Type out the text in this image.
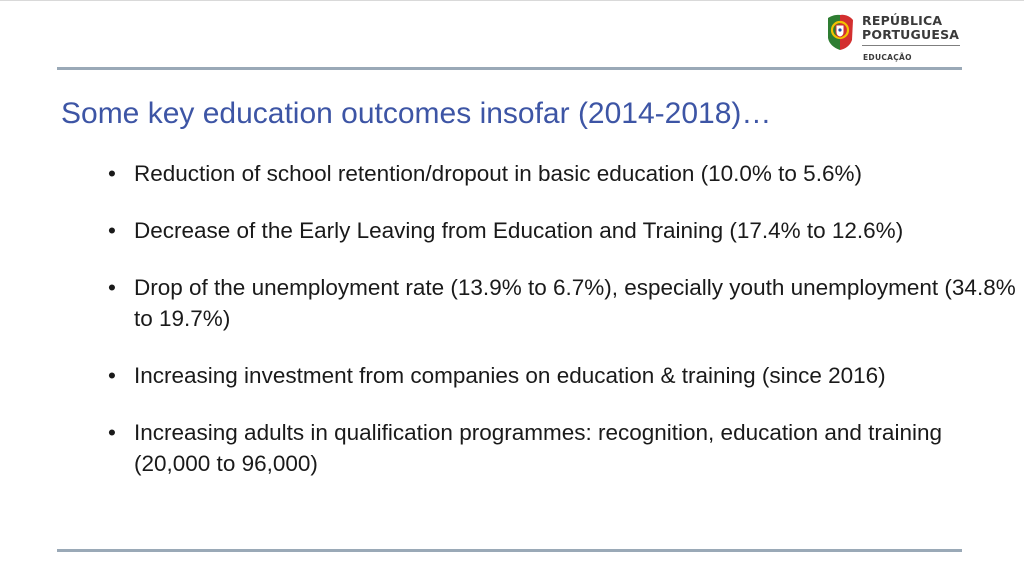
REPÚBLICA
PORTUGUESA
EDUCAÇÃO
Some key education outcomes insofar (2014-2018)…
• Reduction of school retention/dropout in basic education (10.0% to 5.6%)
• Decrease of the Early Leaving from Education and Training (17.4% to 12.6%)
• Drop of the unemployment rate (13.9% to 6.7%), especially youth unemployment (34.8% to 19.7%)
• Increasing investment from companies on education & training (since 2016)
• Increasing adults in qualification programmes: recognition, education and training (20,000 to 96,000)
